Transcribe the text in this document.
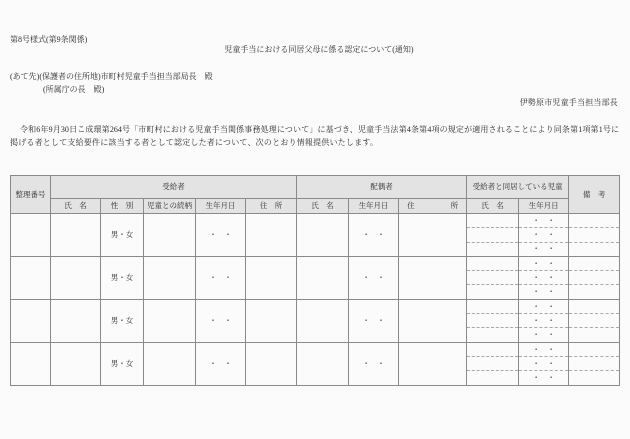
第8号様式(第9条関係)
児童手当における同居父母に係る認定について(通知)
(あて先)(保護者の住所地)市町村児童手当担当部局長　殿
(所属庁の長　殿)
伊勢原市児童手当担当部長
令和6年9月30日こ成環第264号「市町村における児童手当関係事務処理について」に基づき、児童手当法第4条第4項の規定が適用されることにより同条第1項第1号に
掲げる者として支給要件に該当する者として認定した者について、次のとおり情報提供いたします。
整理番号	受給者					配偶者			受給者と同居している児童		備　考
	氏　名	性　別	児童との続柄	生年月日	住　所	氏　名	生年月日	住 所	氏　名	生年月日	
		男・女		・　・			・　・			・　・	
										・　・	
										・　・	
		男・女		・　・			・　・			・　・	
										・　・	
										・　・	
		男・女		・　・			・　・			・　・	
										・　・	
										・　・	
		男・女		・　・			・　・			・　・	
										・　・	
										・　・	
